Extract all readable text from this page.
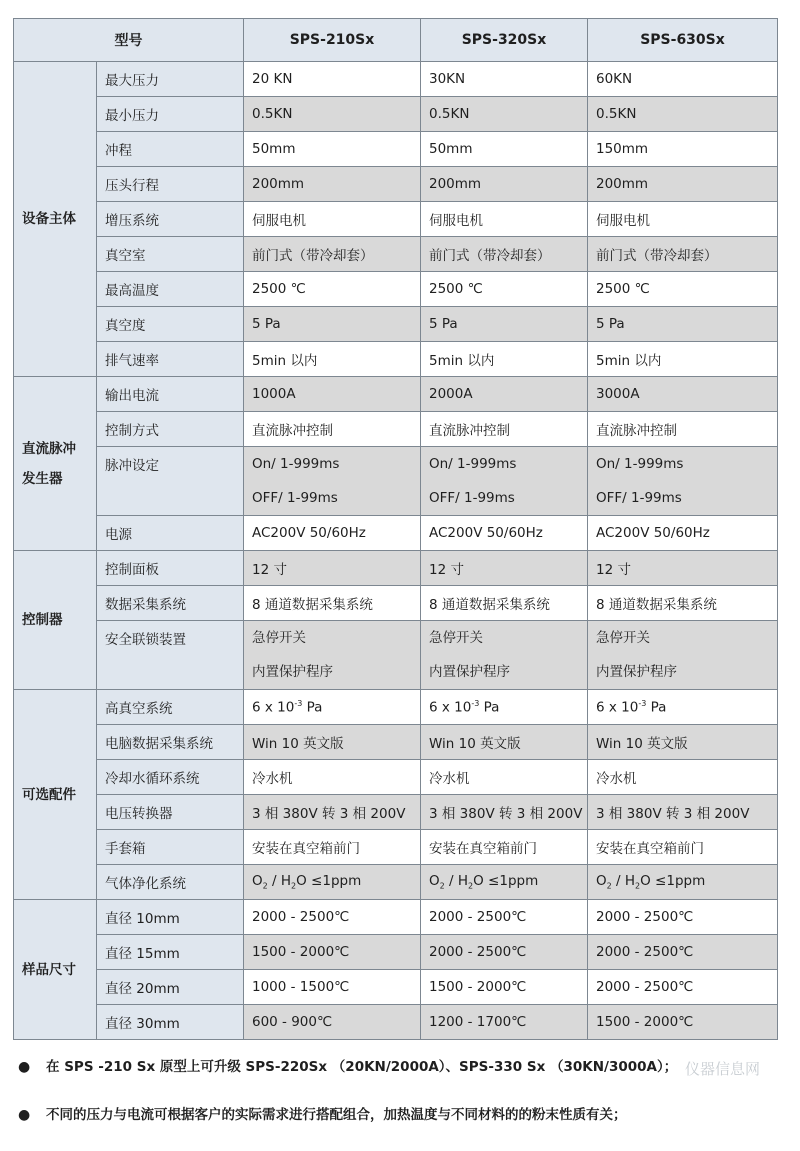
型号		SPS-210Sx	SPS-320Sx	SPS-630Sx

设备主体	最大压力	20 KN	30KN	60KN
	最小压力	0.5KN	0.5KN	0.5KN
	冲程	50mm	50mm	150mm
	压头行程	200mm	200mm	200mm
	增压系统	伺服电机	伺服电机	伺服电机
	真空室	前门式（带冷却套）	前门式（带冷却套）	前门式（带冷却套）
	最高温度	2500 ℃	2500 ℃	2500 ℃
	真空度	5 Pa	5 Pa	5 Pa
	排气速率	5min 以内	5min 以内	5min 以内

直流脉冲
发生器	输出电流	1000A	2000A	3000A
	控制方式	直流脉冲控制	直流脉冲控制	直流脉冲控制
	脉冲设定	On/ 1-999ms
OFF/ 1-99ms	On/ 1-999ms
OFF/ 1-99ms	On/ 1-999ms
OFF/ 1-99ms

	电源	AC200V 50/60Hz	AC200V 50/60Hz	AC200V 50/60Hz

控制器	控制面板	12 寸	12 寸	12 寸
	数据采集系统	8 通道数据采集系统	8 通道数据采集系统	8 通道数据采集系统
	安全联锁装置	急停开关
内置保护程序	急停开关
内置保护程序	急停开关
内置保护程序

可选配件	高真空系统	6 x $10^{-3}$ Pa	6 x $10^{-3}$ Pa	6 x $10^{-3}$ Pa
	电脑数据采集系统	Win 10 英文版	Win 10 英文版	Win 10 英文版
	冷却水循环系统	冷水机	冷水机	冷水机
	电压转换器	3 相 380V 转 3 相 200V	3 相 380V 转 3 相 200V	3 相 380V 转 3 相 200V
	手套箱	安装在真空箱前门	安装在真空箱前门	安装在真空箱前门
	气体净化系统	$O_2 / H_2O \le 1ppm$	$O_2 / H_2O \le 1ppm$	$O_2 / H_2O \le 1ppm$

样品尺寸	直径 10mm	2000 - 2500℃	2000 - 2500℃	2000 - 2500℃
	直径 15mm	1500 - 2000℃	2000 - 2500℃	2000 - 2500℃
	直径 20mm	1000 - 1500℃	1500 - 2000℃	2000 - 2500℃
	直径 30mm	600 - 900℃	1200 - 1700℃	1500 - 2000℃

● 在 SPS -210 Sx 原型上可升级 SPS-220Sx （20KN/2000A）、SPS-330 Sx （30KN/3000A）；

● 不同的压力与电流可根据客户的实际需求进行搭配组合，加热温度与不同材料的的粉末性质有关；

仪器信息网
